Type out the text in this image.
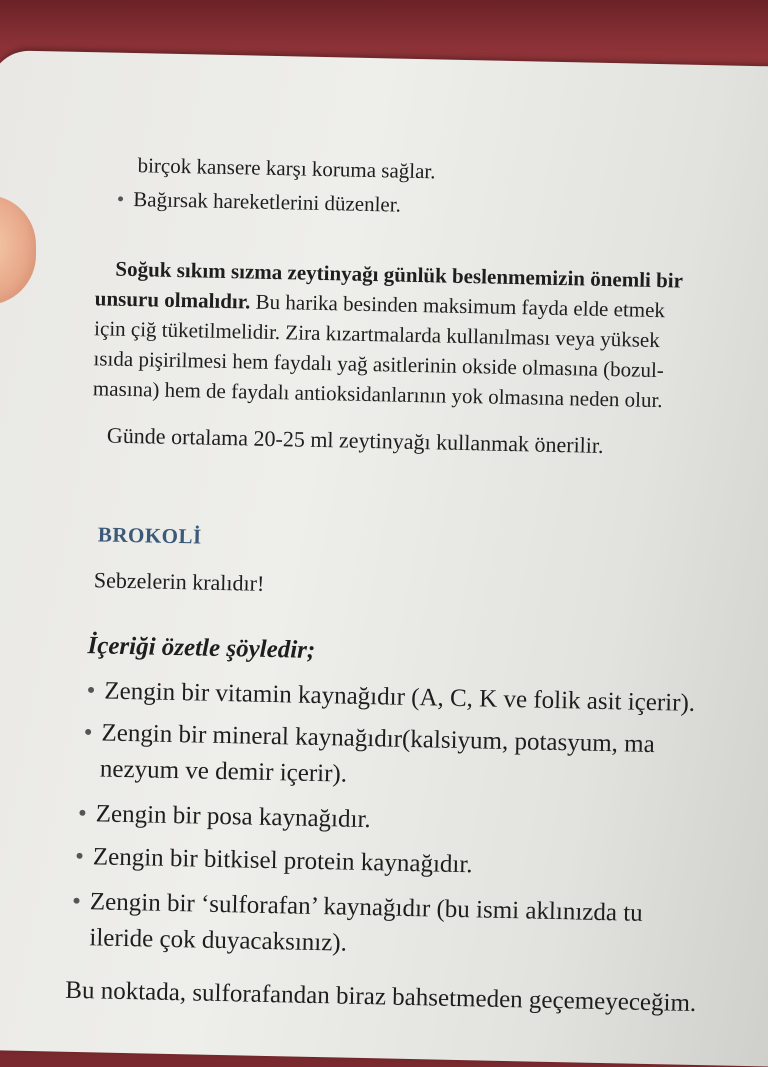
birçok kansere karşı koruma sağlar.
• Bağırsak hareketlerini düzenler.
Soğuk sıkım sızma zeytinyağı günlük beslenmemizin önemli bir
unsuru olmalıdır. Bu harika besinden maksimum fayda elde etmek
için çiğ tüketilmelidir. Zira kızartmalarda kullanılması veya yüksek
ısıda pişirilmesi hem faydalı yağ asitlerinin okside olmasına (bozul-
masına) hem de faydalı antioksidanlarının yok olmasına neden olur.
Günde ortalama 20-25 ml zeytinyağı kullanmak önerilir.
BROKOLİ
Sebzelerin kralıdır!
İçeriği özetle şöyledir;
• Zengin bir vitamin kaynağıdır (A, C, K ve folik asit içerir).
• Zengin bir mineral kaynağıdır(kalsiyum, potasyum, ma
nezyum ve demir içerir).
• Zengin bir posa kaynağıdır.
• Zengin bir bitkisel protein kaynağıdır.
• Zengin bir ‘sulforafan’ kaynağıdır (bu ismi aklınızda tu
ileride çok duyacaksınız).
Bu noktada, sulforafandan biraz bahsetmeden geçemeyeceğim.
